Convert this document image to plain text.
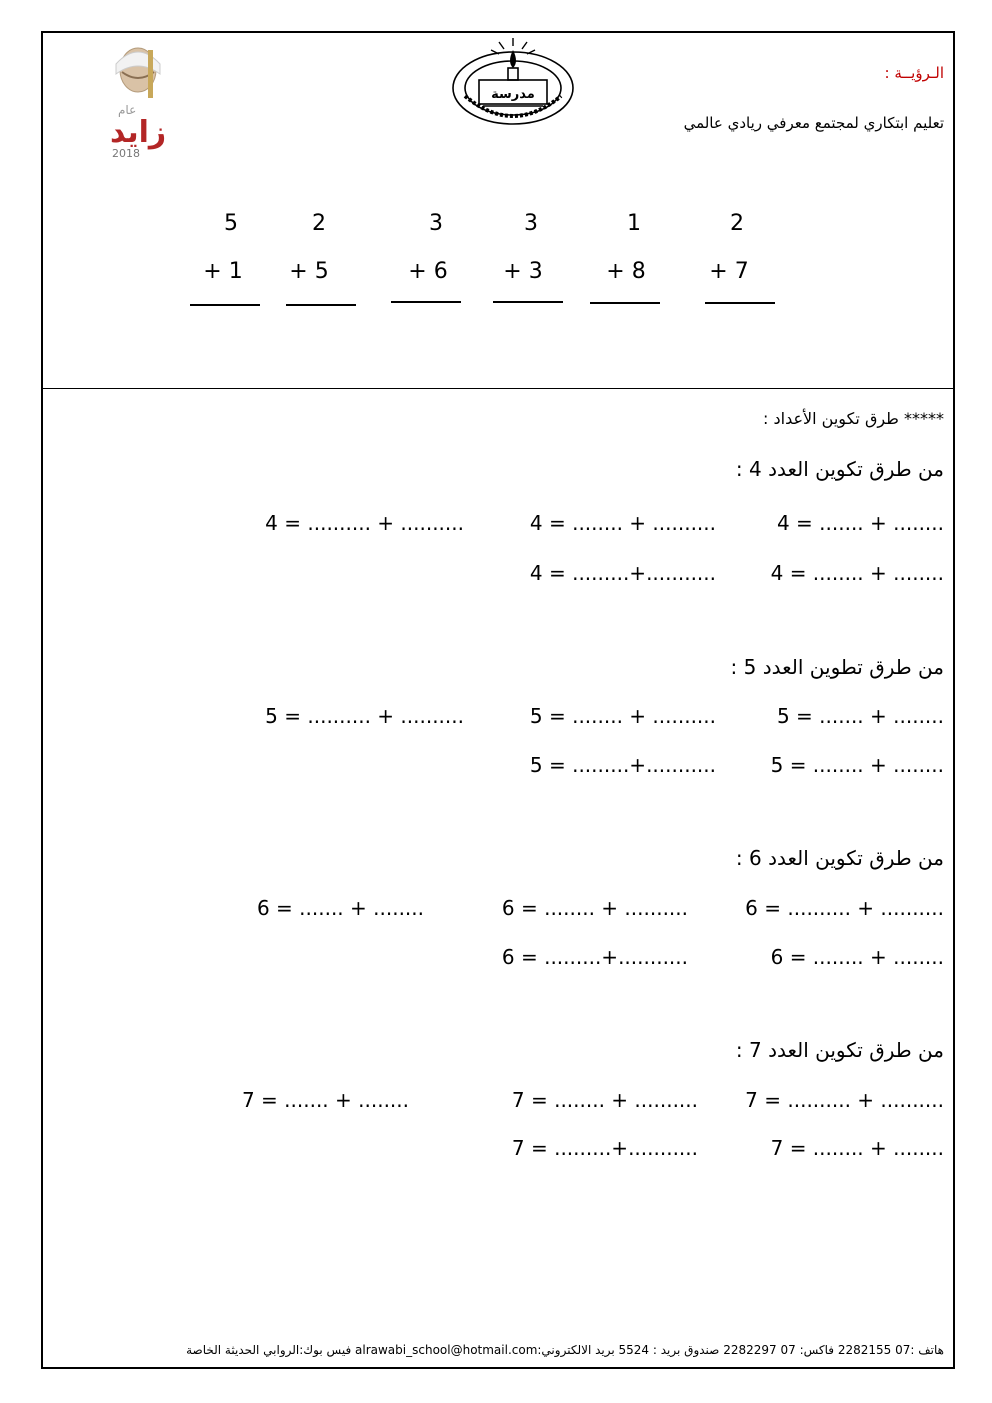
الـرؤيــة :
تعليم ابتكاري لمجتمع معرفي ريادي عالمي
مدرسة
عام
زايد
2018
5
+ 1
2
+ 5
3
+ 6
3
+ 3
1
+ 8
2
+ 7
***** طرق تكوين الأعداد :
من طرق تكوين العدد 4 :
4 = ....... + ........
4 = ........ + ..........
4 = .......... + ..........
4 = ........ + ........
4 = .........+...........
من طرق تطوين العدد 5 :
5 = ....... + ........
5 = ........ + ..........
5 = .......... + ..........
5 = ........ + ........
5 = .........+...........
من طرق تكوين العدد 6 :
6 = .......... + ..........
6 = ........ + ..........
6 = ....... + ........
6 = ........ + ........
6 = .........+...........
من طرق تكوين العدد 7 :
7 = .......... + ..........
7 = ........ + ..........
7 = ....... + ........
7 = ........ + ........
7 = .........+...........
هاتف :07 2282155 فاكس: 07 2282297 صندوق بريد : 5524 بريد الالكتروني:alrawabi_school@hotmail.com فيس بوك:الروابي الحديثة الخاصة
